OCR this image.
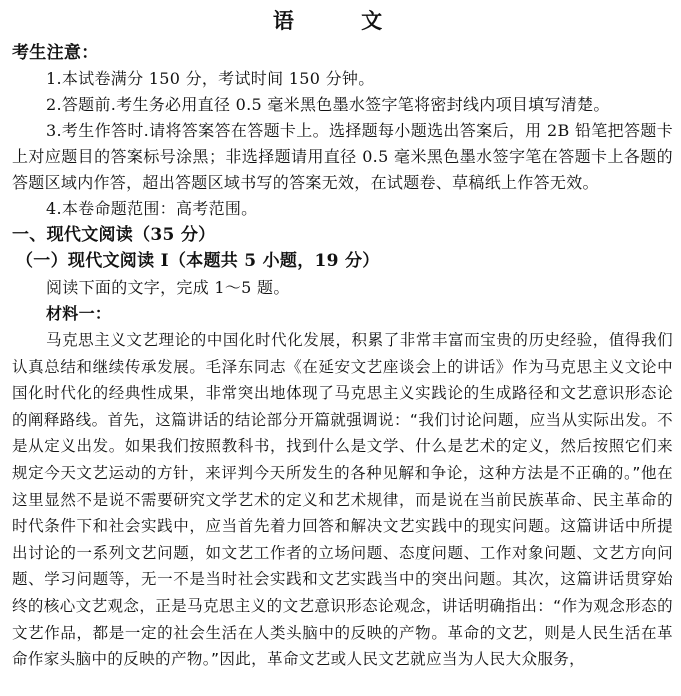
语 文
考生注意：

1.本试卷满分 150 分，考试时间 150 分钟。

2.答题前.考生务必用直径 0.5 毫米黑色墨水签字笔将密封线内项目填写清楚。

3.考生作答时.请将答案答在答题卡上。选择题每小题选出答案后，用 2B 铅笔把答题卡上对应题目的答案标号涂黑；非选择题请用直径 0.5 毫米黑色墨水签字笔在答题卡上各题的答题区域内作答，超出答题区域书写的答案无效，在试题卷、草稿纸上作答无效。

4.本卷命题范围：高考范围。

一、现代文阅读（35 分）
（一）现代文阅读 I（本题共 5 小题，19 分）

阅读下面的文字，完成 1～5 题。

材料一：

马克思主义文艺理论的中国化时代化发展，积累了非常丰富而宝贵的历史经验，值得我们认真总结和继续传承发展。毛泽东同志《在延安文艺座谈会上的讲话》作为马克思主义文论中国化时代化的经典性成果，非常突出地体现了马克思主义实践论的生成路径和文艺意识形态论的阐释路线。首先，这篇讲话的结论部分开篇就强调说：“我们讨论问题，应当从实际出发。不是从定义出发。如果我们按照教科书，找到什么是文学、什么是艺术的定义，然后按照它们来规定今天文艺运动的方针，来评判今天所发生的各种见解和争论，这种方法是不正确的。”他在这里显然不是说不需要研究文学艺术的定义和艺术规律，而是说在当前民族革命、民主革命的时代条件下和社会实践中，应当首先着力回答和解决文艺实践中的现实问题。这篇讲话中所提出讨论的一系列文艺问题，如文艺工作者的立场问题、态度问题、工作对象问题、文艺方向问题、学习问题等，无一不是当时社会实践和文艺实践当中的突出问题。其次，这篇讲话贯穿始终的核心文艺观念，正是马克思主义的文艺意识形态论观念，讲话明确指出：“作为观念形态的文艺作品，都是一定的社会生活在人类头脑中的反映的产物。革命的文艺，则是人民生活在革命作家头脑中的反映的产物。”因此，革命文艺或人民文艺就应当为人民大众服务，
